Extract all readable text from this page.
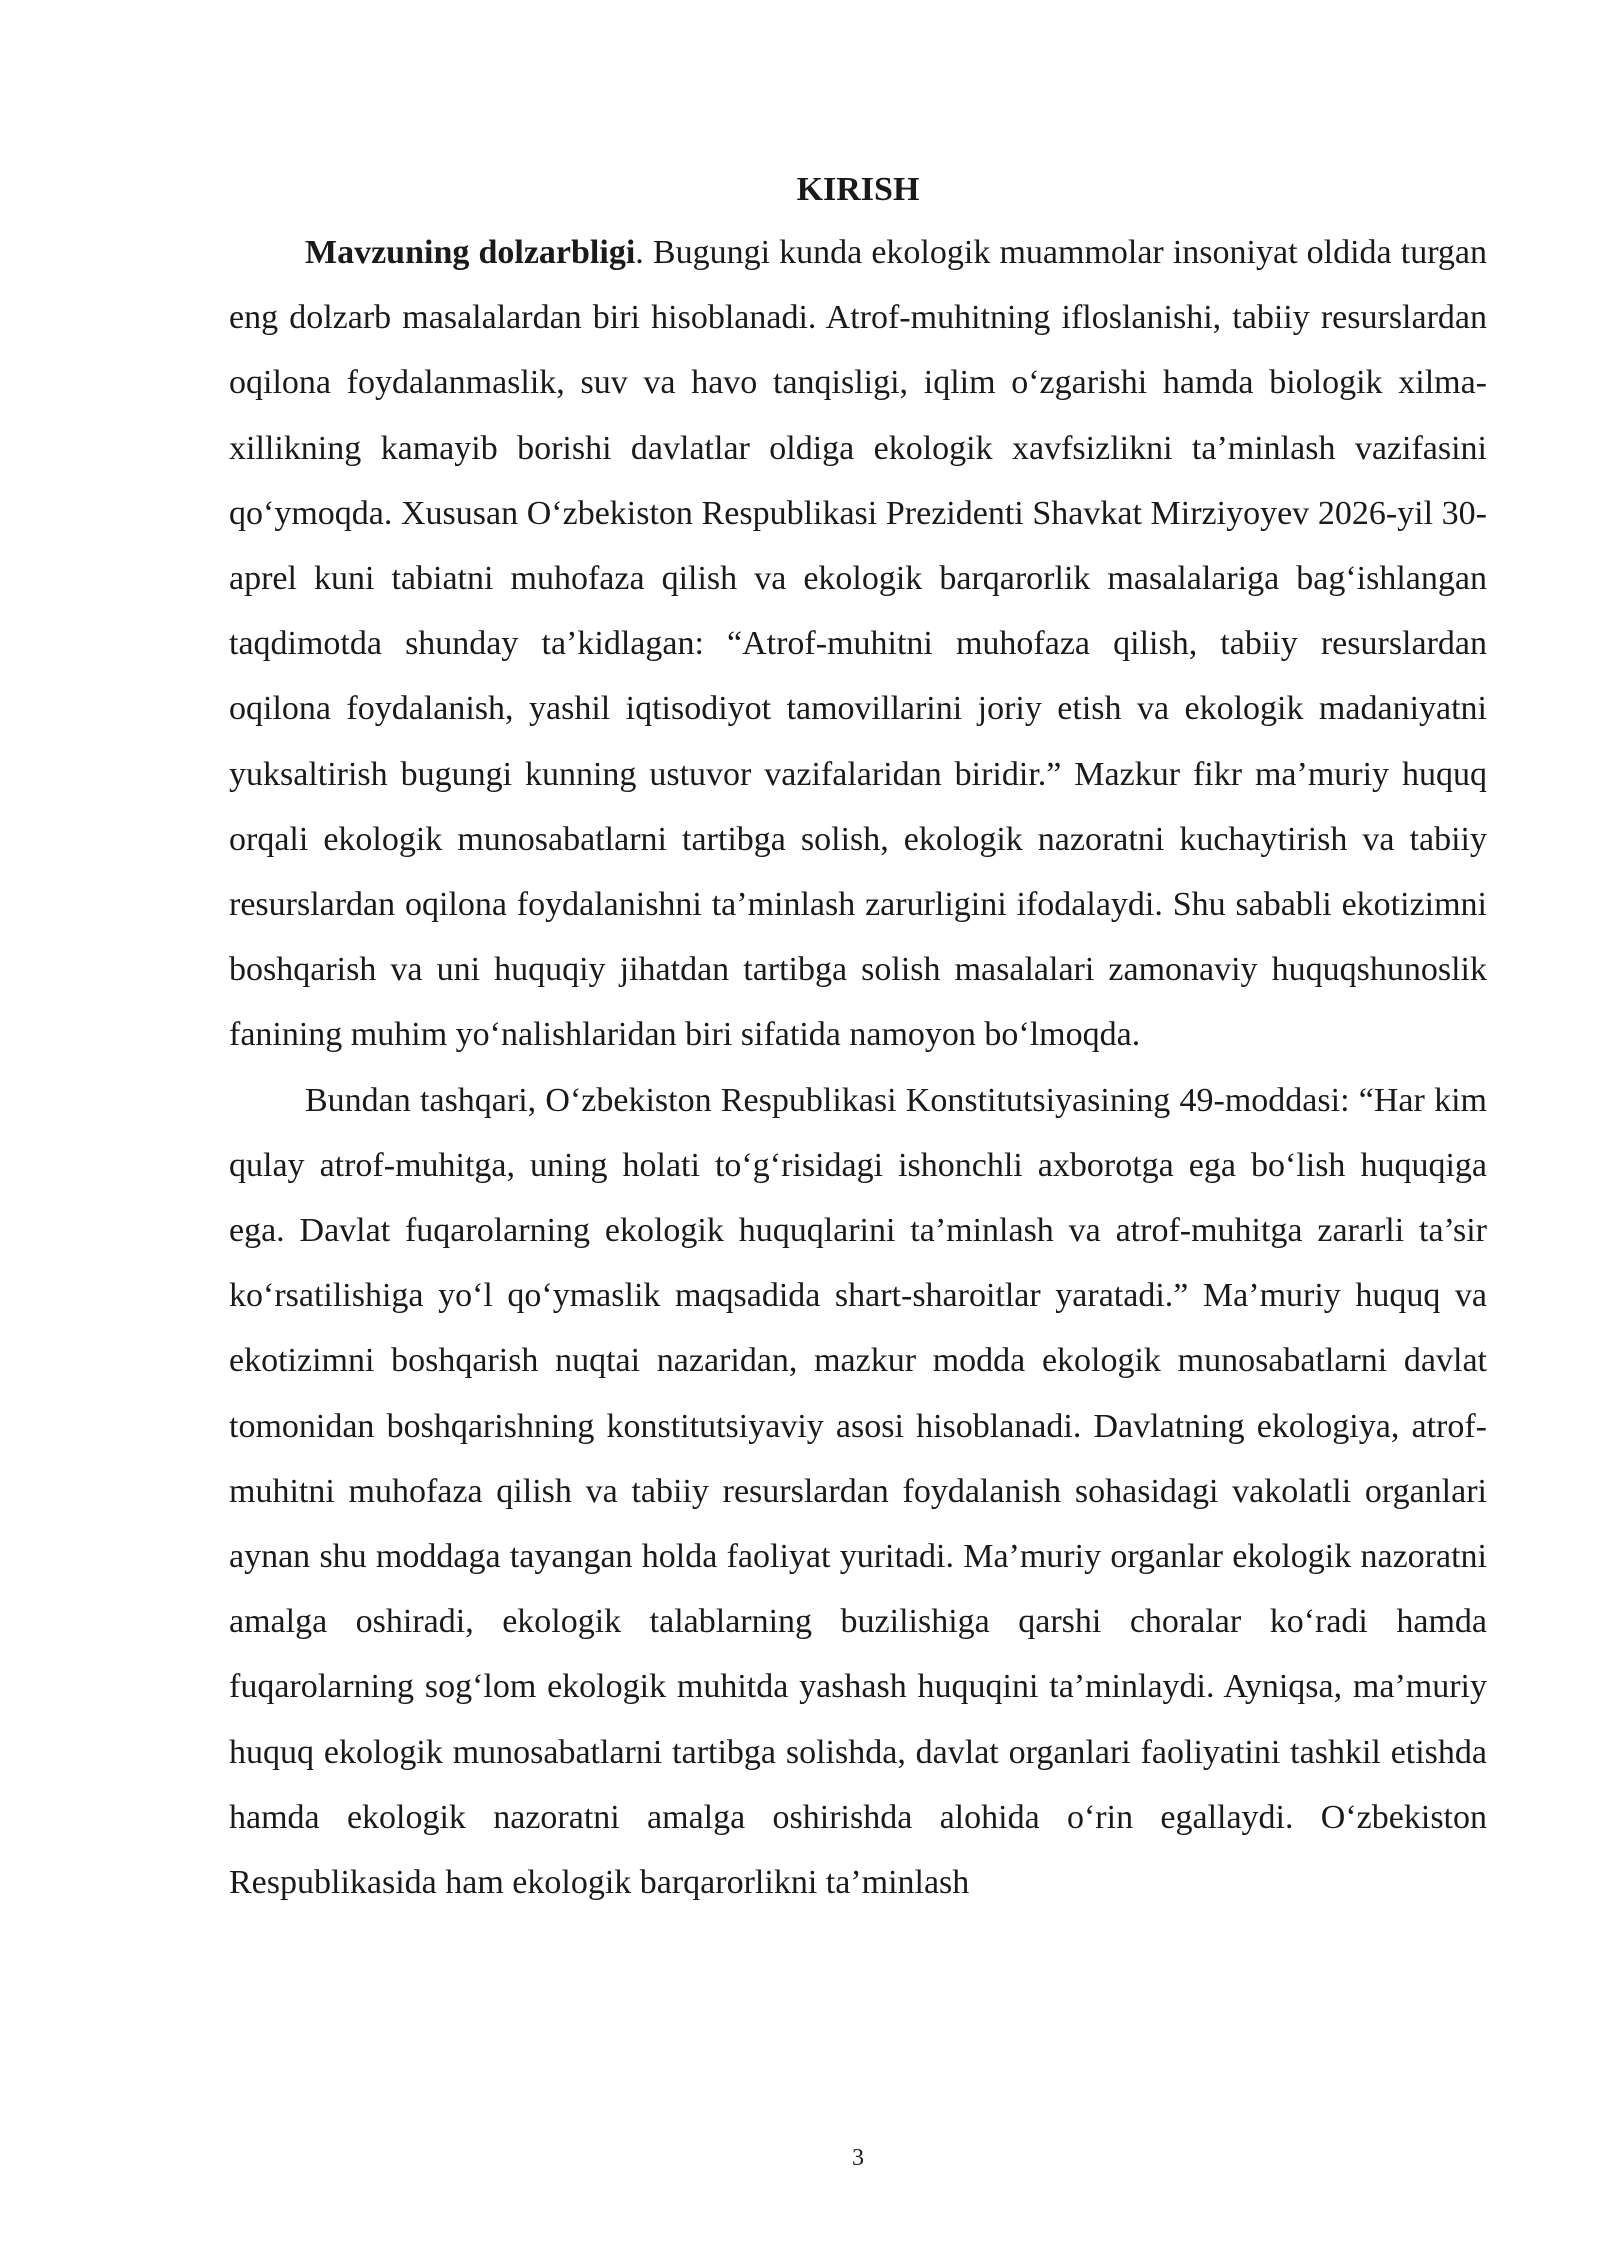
KIRISH

Mavzuning dolzarbligi. Bugungi kunda ekologik muammolar insoniyat oldida turgan eng dolzarb masalalardan biri hisoblanadi. Atrof-muhitning ifloslanishi, tabiiy resurslardan oqilona foydalanmaslik, suv va havo tanqisligi, iqlim o‘zgarishi hamda biologik xilma-xillikning kamayib borishi davlatlar oldiga ekologik xavfsizlikni ta’minlash vazifasini qo‘ymoqda. Xususan O‘zbekiston Respublikasi Prezidenti Shavkat Mirziyoyev 2026-yil 30-aprel kuni tabiatni muhofaza qilish va ekologik barqarorlik masalalariga bag‘ishlangan taqdimotda shunday ta’kidlagan: “Atrof-muhitni muhofaza qilish, tabiiy resurslardan oqilona foydalanish, yashil iqtisodiyot tamovillarini joriy etish va ekologik madaniyatni yuksaltirish bugungi kunning ustuvor vazifalaridan biridir.” Mazkur fikr ma’muriy huquq orqali ekologik munosabatlarni tartibga solish, ekologik nazoratni kuchaytirish va tabiiy resurslardan oqilona foydalanishni ta’minlash zarurligini ifodalaydi. Shu sababli ekotizimni boshqarish va uni huquqiy jihatdan tartibga solish masalalari zamonaviy huquqshunoslik fanining muhim yo‘nalishlaridan biri sifatida namoyon bo‘lmoqda.

Bundan tashqari, O‘zbekiston Respublikasi Konstitutsiyasining 49-moddasi: “Har kim qulay atrof-muhitga, uning holati to‘g‘risidagi ishonchli axborotga ega bo‘lish huquqiga ega. Davlat fuqarolarning ekologik huquqlarini ta’minlash va atrof-muhitga zararli ta’sir ko‘rsatilishiga yo‘l qo‘ymaslik maqsadida shart-sharoitlar yaratadi.” Ma’muriy huquq va ekotizimni boshqarish nuqtai nazaridan, mazkur modda ekologik munosabatlarni davlat tomonidan boshqarishning konstitutsiyaviy asosi hisoblanadi. Davlatning ekologiya, atrof-muhitni muhofaza qilish va tabiiy resurslardan foydalanish sohasidagi vakolatli organlari aynan shu moddaga tayangan holda faoliyat yuritadi. Ma’muriy organlar ekologik nazoratni amalga oshiradi, ekologik talablarning buzilishiga qarshi choralar ko‘radi hamda fuqarolarning sog‘lom ekologik muhitda yashash huquqini ta’minlaydi. Ayniqsa, ma’muriy huquq ekologik munosabatlarni tartibga solishda, davlat organlari faoliyatini tashkil etishda hamda ekologik nazoratni amalga oshirishda alohida o‘rin egallaydi. O‘zbekiston Respublikasida ham ekologik barqarorlikni ta’minlash

3
